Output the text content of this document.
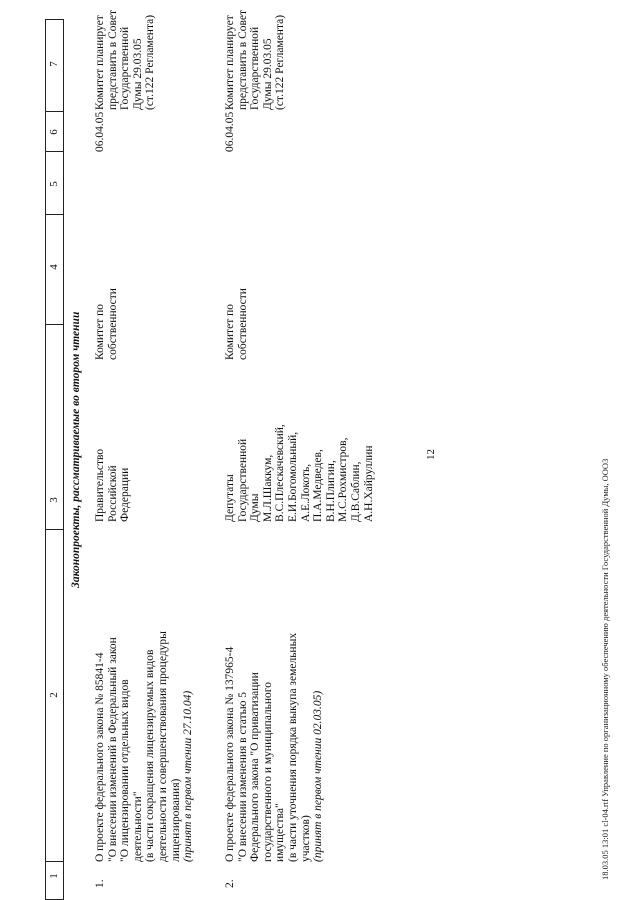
12
1
2
3
4
5
6
7
Законопроекты, рассматриваемые во втором чтении
1.
О проекте федерального закона № 85841-4 "О внесении изменений в Федеральный закон "О лицензировании отдельных видов деятельности" (в части сокращения лицензируемых видов деятельности и совершенствования процедуры лицензирования) (принят в первом чтении 27.10.04)
Правительство Российской Федерации
Комитет по собственности
06.04.05
Комитет планирует представить в Совет Государственной Думы 29.03.05 (ст.122 Регламента)
2.
О проекте федерального закона № 137965-4 "О внесении изменения в статью 5 Федерального закона "О приватизации государственного и муниципального имущества" (в части уточнения порядка выкупа земельных участков) (принят в первом чтении 02.03.05)
Депутаты Государственной Думы М.Л.Шаккум, В.С.Плескачевский, Е.И.Богомольный, А.Е.Локоть, П.А.Медведев, В.Н.Плигин, М.С.Рохмистров, Д.В.Саблин, А.Н.Хайруллин
Комитет по собственности
06.04.05
Комитет планирует представить в Совет Государственной Думы 29.03.05 (ст.122 Регламента)
18.03.05 13:01 cl-04.rtf Управление по организационному обеспечению деятельности Государственной Думы, ООО3
